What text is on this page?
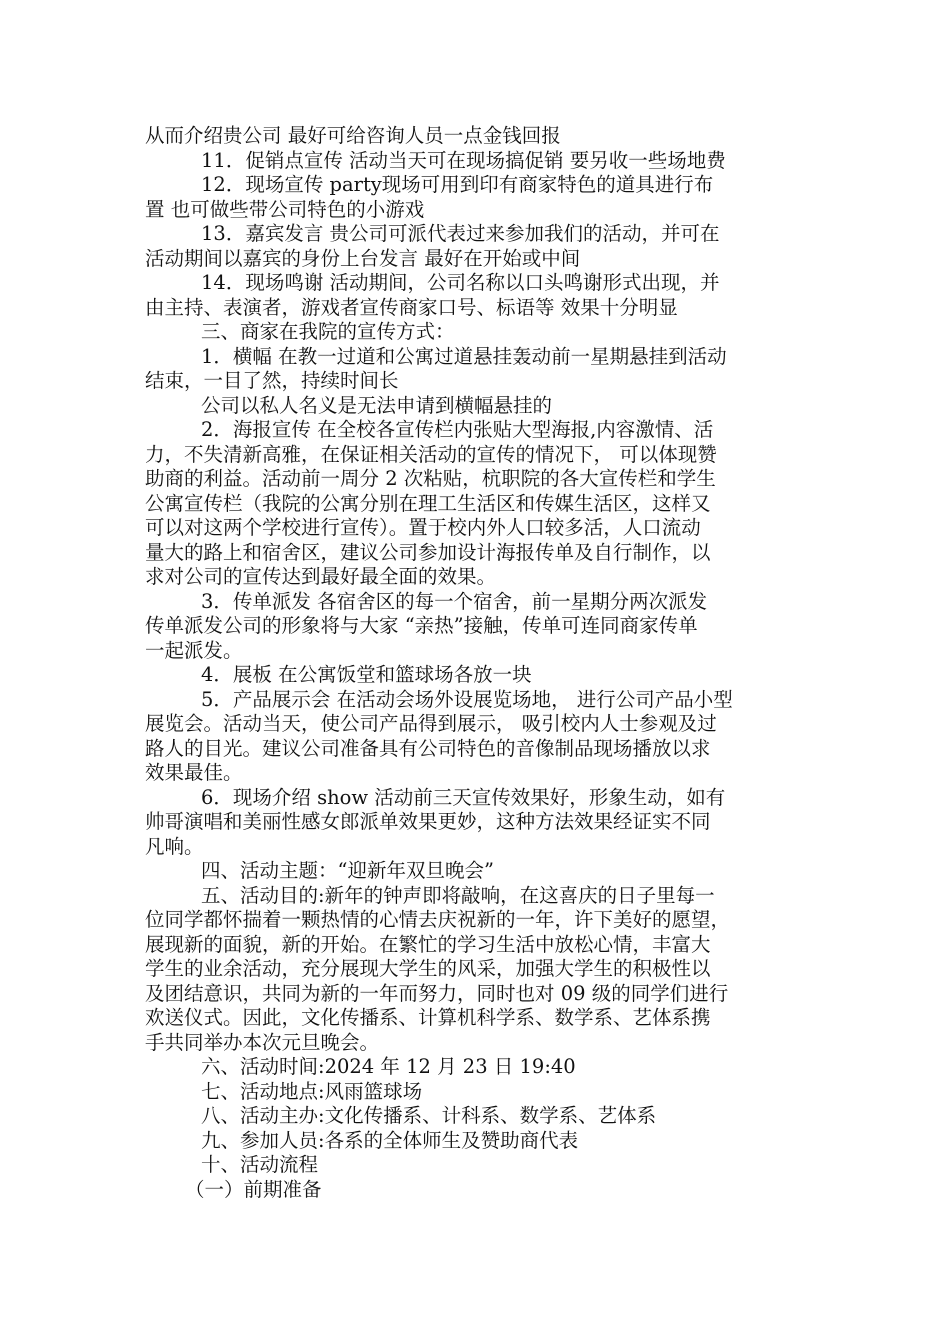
从而介绍贵公司 最好可给咨询人员一点金钱回报
11．促销点宣传 活动当天可在现场搞促销 要另收一些场地费
12．现场宣传 party现场可用到印有商家特色的道具进行布
置 也可做些带公司特色的小游戏
13．嘉宾发言 贵公司可派代表过来参加我们的活动，并可在
活动期间以嘉宾的身份上台发言 最好在开始或中间
14．现场鸣谢 活动期间，公司名称以口头鸣谢形式出现，并
由主持、表演者，游戏者宣传商家口号、标语等 效果十分明显
三、商家在我院的宣传方式：
1．横幅 在教一过道和公寓过道悬挂轰动前一星期悬挂到活动
结束，一目了然，持续时间长
公司以私人名义是无法申请到横幅悬挂的
2．海报宣传 在全校各宣传栏内张贴大型海报,内容激情、活
力，不失清新高雅，在保证相关活动的宣传的情况下， 可以体现赞
助商的利益。活动前一周分 2 次粘贴，杭职院的各大宣传栏和学生
公寓宣传栏（我院的公寓分别在理工生活区和传媒生活区，这样又
可以对这两个学校进行宣传）。置于校内外人口较多活，人口流动
量大的路上和宿舍区，建议公司参加设计海报传单及自行制作，以
求对公司的宣传达到最好最全面的效果。
3．传单派发 各宿舍区的每一个宿舍，前一星期分两次派发
传单派发公司的形象将与大家 “亲热”接触，传单可连同商家传单
一起派发。
4．展板 在公寓饭堂和篮球场各放一块
5．产品展示会 在活动会场外设展览场地， 进行公司产品小型
展览会。活动当天，使公司产品得到展示， 吸引校内人士参观及过
路人的目光。建议公司准备具有公司特色的音像制品现场播放以求
效果最佳。
6．现场介绍 show 活动前三天宣传效果好，形象生动，如有
帅哥演唱和美丽性感女郎派单效果更妙，这种方法效果经证实不同
凡响。
四、活动主题：“迎新年双旦晚会”
五、活动目的:新年的钟声即将敲响，在这喜庆的日子里每一
位同学都怀揣着一颗热情的心情去庆祝新的一年，许下美好的愿望，
展现新的面貌，新的开始。在繁忙的学习生活中放松心情，丰富大
学生的业余活动，充分展现大学生的风采，加强大学生的积极性以
及团结意识，共同为新的一年而努力，同时也对 09 级的同学们进行
欢送仪式。因此，文化传播系、计算机科学系、数学系、艺体系携
手共同举办本次元旦晚会。
六、活动时间:2024 年 12 月 23 日 19:40
七、活动地点:风雨篮球场
八、活动主办:文化传播系、计科系、数学系、艺体系
九、参加人员:各系的全体师生及赞助商代表
十、活动流程
（一）前期准备
